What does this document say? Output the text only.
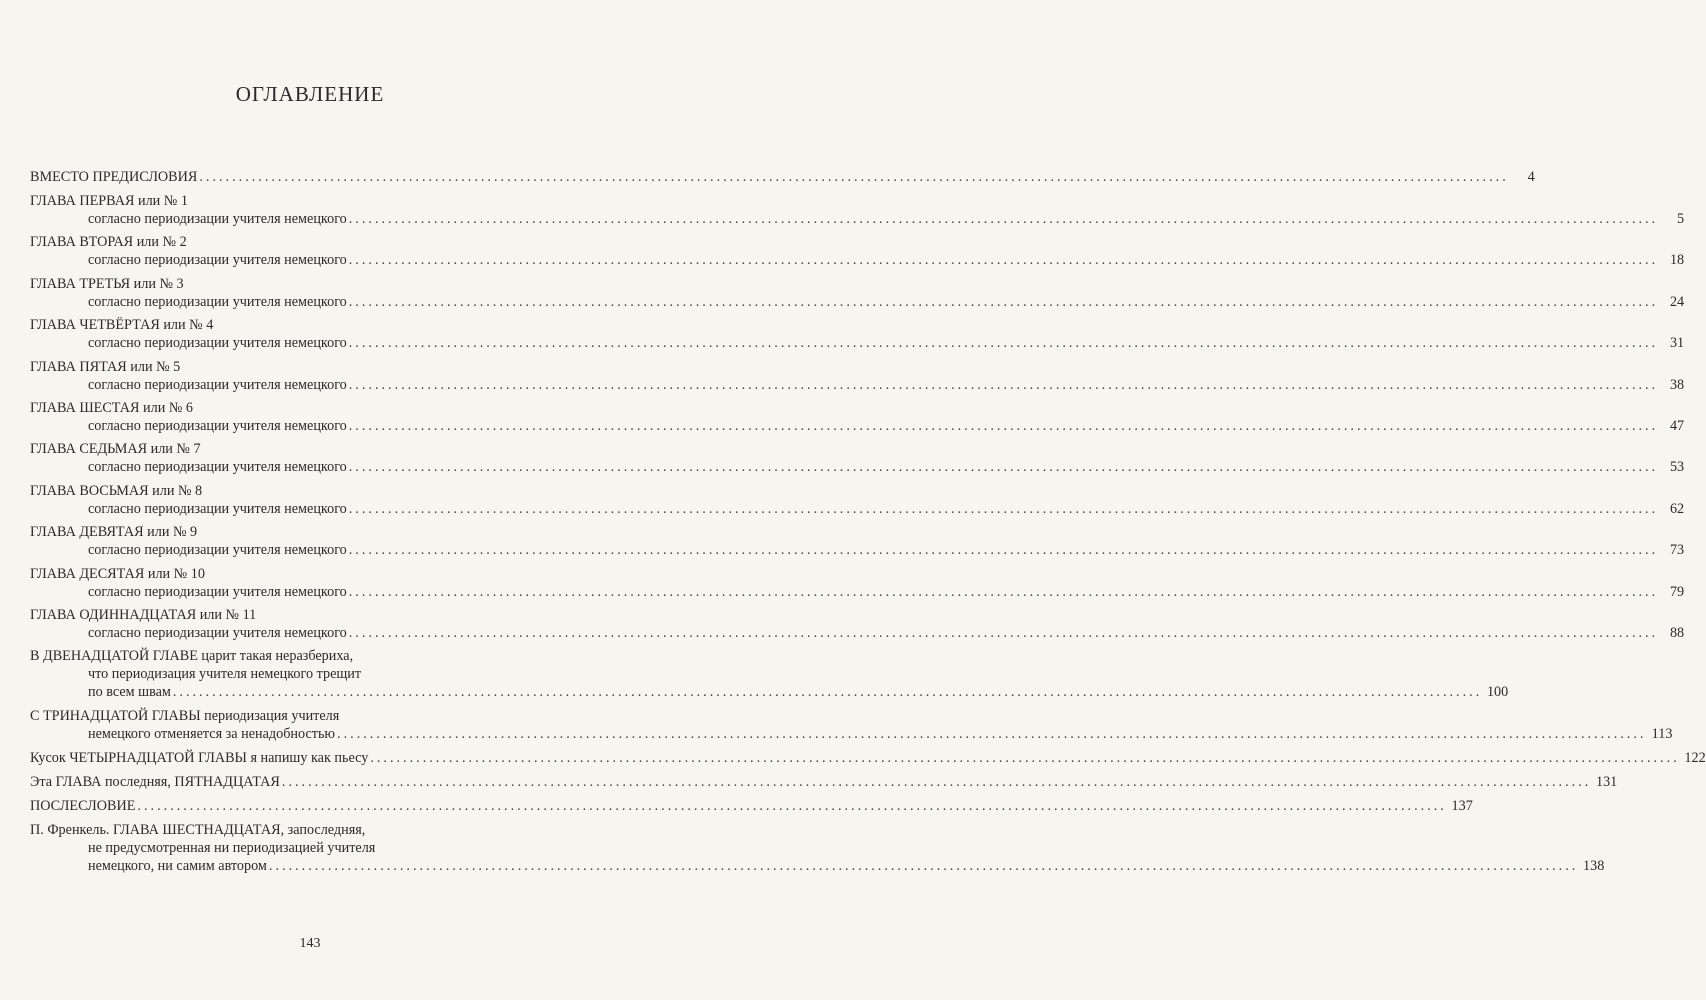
ОГЛАВЛЕНИЕ
ВМЕСТО ПРЕДИСЛОВИЯ ........................................................................................................................................................................................................	4
ГЛАВА ПЕРВАЯ или № 1
согласно периодизации учителя немецкого ........................................................................................................................................................................................................	5
ГЛАВА ВТОРАЯ или № 2
согласно периодизации учителя немецкого ........................................................................................................................................................................................................ 18
ГЛАВА ТРЕТЬЯ или № 3
согласно периодизации учителя немецкого ........................................................................................................................................................................................................ 24
ГЛАВА ЧЕТВЁРТАЯ или № 4
согласно периодизации учителя немецкого ........................................................................................................................................................................................................ 31
ГЛАВА ПЯТАЯ или № 5
согласно периодизации учителя немецкого ........................................................................................................................................................................................................ 38
ГЛАВА ШЕСТАЯ или № 6
согласно периодизации учителя немецкого ........................................................................................................................................................................................................ 47
ГЛАВА СЕДЬМАЯ или № 7
согласно периодизации учителя немецкого ........................................................................................................................................................................................................ 53
ГЛАВА ВОСЬМАЯ или № 8
согласно периодизации учителя немецкого ........................................................................................................................................................................................................ 62
ГЛАВА ДЕВЯТАЯ или № 9
согласно периодизации учителя немецкого ........................................................................................................................................................................................................ 73
ГЛАВА ДЕСЯТАЯ или № 10
согласно периодизации учителя немецкого ........................................................................................................................................................................................................ 79
ГЛАВА ОДИННАДЦАТАЯ или № 11
согласно периодизации учителя немецкого ........................................................................................................................................................................................................ 88
В ДВЕНАДЦАТОЙ ГЛАВЕ царит такая неразбериха,
что периодизация учителя немецкого трещит
по всем швам ........................................................................................................................................................................................................ 100
С ТРИНАДЦАТОЙ ГЛАВЫ периодизация учителя
немецкого отменяется за ненадобностью ........................................................................................................................................................................................................ 113
Кусок ЧЕТЫРНАДЦАТОЙ ГЛАВЫ я напишу как пьесу ........................................................................................................................................................................................................ 122
Эта ГЛАВА последняя, ПЯТНАДЦАТАЯ ........................................................................................................................................................................................................ 131
ПОСЛЕСЛОВИЕ ........................................................................................................................................................................................................ 137
П. Френкель. ГЛАВА ШЕСТНАДЦАТАЯ, запоследняя,
не предусмотренная ни периодизацией учителя
немецкого, ни самим автором ........................................................................................................................................................................................................ 138
143
